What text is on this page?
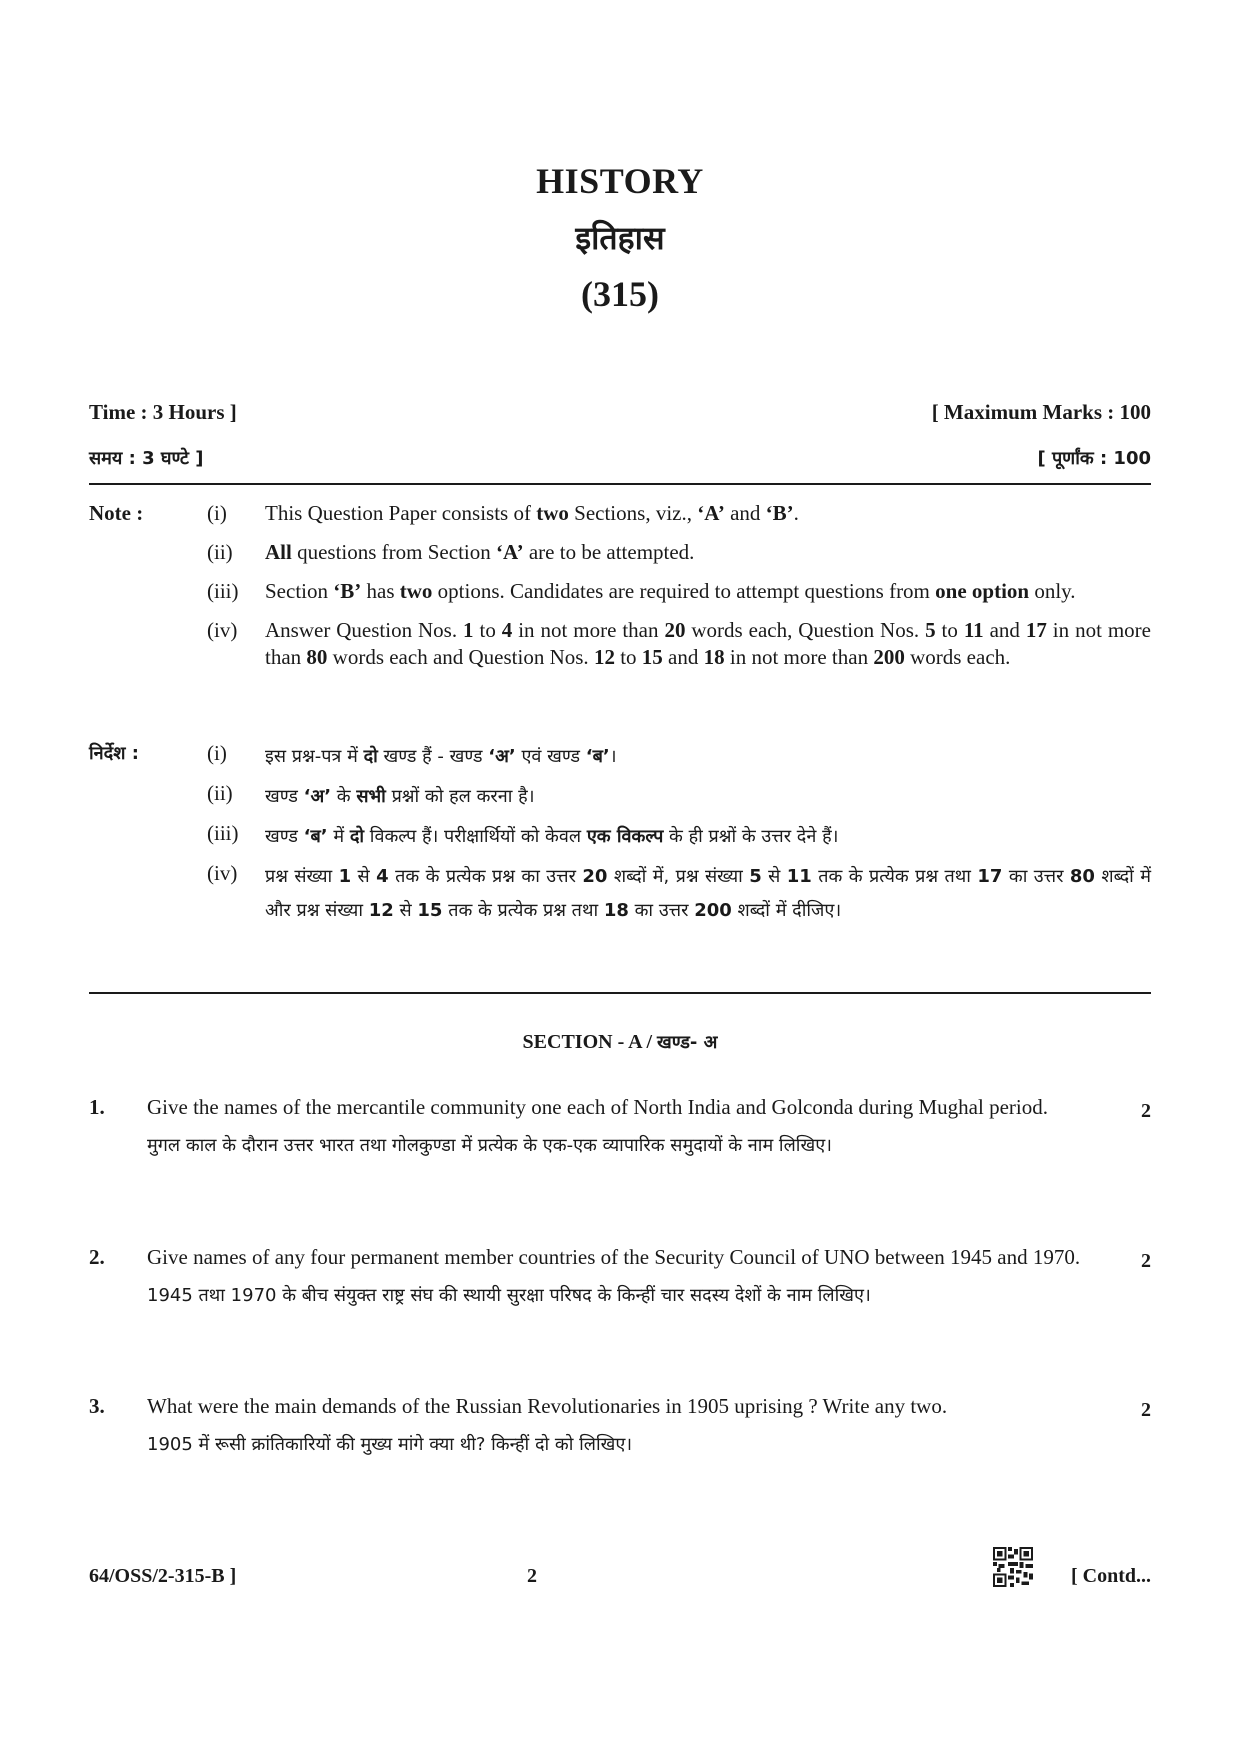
HISTORY
इतिहास
(315)
Time : 3 Hours ]	[ Maximum Marks : 100
समय : 3 घण्टे ]	[ पूर्णांक : 100
Note :	(i)	This Question Paper consists of two Sections, viz., ‘A’ and ‘B’.
(ii)	All questions from Section ‘A’ are to be attempted.
(iii)	Section ‘B’ has two options. Candidates are required to attempt questions from one option only.
(iv)	Answer Question Nos. 1 to 4 in not more than 20 words each, Question Nos. 5 to 11 and 17 in not more than 80 words each and Question Nos. 12 to 15 and 18 in not more than 200 words each.
निर्देश :	(i)	इस प्रश्न-पत्र में दो खण्ड हैं - खण्ड ‘अ’ एवं खण्ड ‘ब’।
(ii)	खण्ड ‘अ’ के सभी प्रश्नों को हल करना है।
(iii)	खण्ड ‘ब’ में दो विकल्प हैं। परीक्षार्थियों को केवल एक विकल्प के ही प्रश्नों के उत्तर देने हैं।
(iv)	प्रश्न संख्या 1 से 4 तक के प्रत्येक प्रश्न का उत्तर 20 शब्दों में, प्रश्न संख्या 5 से 11 तक के प्रत्येक प्रश्न तथा 17 का उत्तर 80 शब्दों में और प्रश्न संख्या 12 से 15 तक के प्रत्येक प्रश्न तथा 18 का उत्तर 200 शब्दों में दीजिए।
SECTION - A / खण्ड- अ
1.	Give the names of the mercantile community one each of North India and Golconda during Mughal period.
मुगल काल के दौरान उत्तर भारत तथा गोलकुण्डा में प्रत्येक के एक-एक व्यापारिक समुदायों के नाम लिखिए।
2
2.	Give names of any four permanent member countries of the Security Council of UNO between 1945 and 1970.
1945 तथा 1970 के बीच संयुक्त राष्ट्र संघ की स्थायी सुरक्षा परिषद के किन्हीं चार सदस्य देशों के नाम लिखिए।
2
3.	What were the main demands of the Russian Revolutionaries in 1905 uprising ? Write any two.
1905 में रूसी क्रांतिकारियों की मुख्य मांगे क्या थी? किन्हीं दो को लिखिए।
2
64/OSS/2-315-B ]	2	[ Contd...
